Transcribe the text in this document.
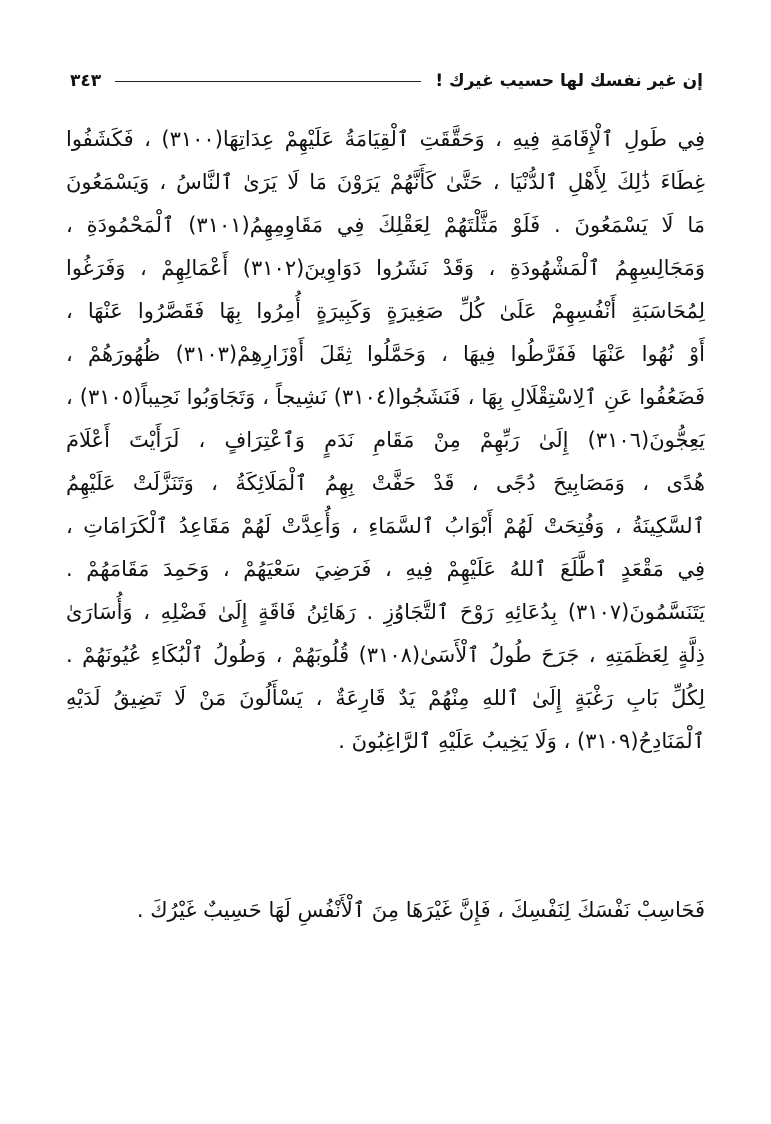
إن غير نفسك لها حسيب غيرك !
٣٤٣
فِي طَولِ ٱلْإِقَامَةِ فِيهِ ، وَحَقَّقَتِ ٱلْقِيَامَةُ عَلَيْهِمْ عِدَاتِهَا(٣١٠٠) ، فَكَشَفُوا
غِطَاءَ ذَٰلِكَ لِأَهْلِ ٱلدُّنْيَا ، حَتَّىٰ كَأَنَّهُمْ يَرَوْنَ مَا لَا يَرَىٰ ٱلنَّاسُ ، وَيَسْمَعُونَ
مَا لَا يَسْمَعُونَ . فَلَوْ مَثَّلْتَهُمْ لِعَقْلِكَ فِي مَقَاوِمِهِمُ(٣١٠١) ٱلْمَحْمُودَةِ ،
وَمَجَالِسِهِمُ ٱلْمَشْهُودَةِ ، وَقَدْ نَشَرُوا دَوَاوِينَ(٣١٠٢) أَعْمَالِهِمْ ، وَفَرَغُوا
لِمُحَاسَبَةِ أَنْفُسِهِمْ عَلَىٰ كُلِّ صَغِيرَةٍ وَكَبِيرَةٍ أُمِرُوا بِهَا فَقَصَّرُوا عَنْهَا ،
أَوْ نُهُوا عَنْهَا فَفَرَّطُوا فِيهَا ، وَحَمَّلُوا ثِقَلَ أَوْزَارِهِمْ(٣١٠٣) ظُهُورَهُمْ ،
فَضَعُفُوا عَنِ ٱلِاسْتِقْلَالِ بِهَا ، فَنَشَجُوا(٣١٠٤) نَشِيجاً ، وَتَجَاوَبُوا نَحِيباً(٣١٠٥) ،
يَعِجُّونَ(٣١٠٦) إِلَىٰ رَبِّهِمْ مِنْ مَقَامِ نَدَمٍ وَٱعْتِرَافٍ ، لَرَأَيْتَ أَعْلَامَ
هُدًى ، وَمَصَابِيحَ دُجًى ، قَدْ حَفَّتْ بِهِمُ ٱلْمَلَائِكَةُ ، وَتَنَزَّلَتْ عَلَيْهِمُ
ٱلسَّكِينَةُ ، وَفُتِحَتْ لَهُمْ أَبْوَابُ ٱلسَّمَاءِ ، وَأُعِدَّتْ لَهُمْ مَقَاعِدُ ٱلْكَرَامَاتِ ،
فِي مَقْعَدٍ ٱطَّلَعَ ٱللهُ عَلَيْهِمْ فِيهِ ، فَرَضِيَ سَعْيَهُمْ ، وَحَمِدَ مَقَامَهُمْ .
يَتَنَسَّمُونَ(٣١٠٧) بِدُعَائِهِ رَوْحَ ٱلتَّجَاوُزِ . رَهَائِنُ فَاقَةٍ إِلَىٰ فَضْلِهِ ، وَأُسَارَىٰ
ذِلَّةٍ لِعَظَمَتِهِ ، جَرَحَ طُولُ ٱلْأَسَىٰ(٣١٠٨) قُلُوبَهُمْ ، وَطُولُ ٱلْبُكَاءِ عُيُونَهُمْ .
لِكُلِّ بَابِ رَغْبَةٍ إِلَىٰ ٱللهِ مِنْهُمْ يَدٌ قَارِعَةٌ ، يَسْأَلُونَ مَنْ لَا تَضِيقُ لَدَيْهِ
ٱلْمَنَادِحُ(٣١٠٩) ، وَلَا يَخِيبُ عَلَيْهِ ٱلرَّاغِبُونَ .
فَحَاسِبْ نَفْسَكَ لِنَفْسِكَ ، فَإِنَّ غَيْرَهَا مِنَ ٱلْأَنْفُسِ لَهَا حَسِيبٌ غَيْرُكَ .
